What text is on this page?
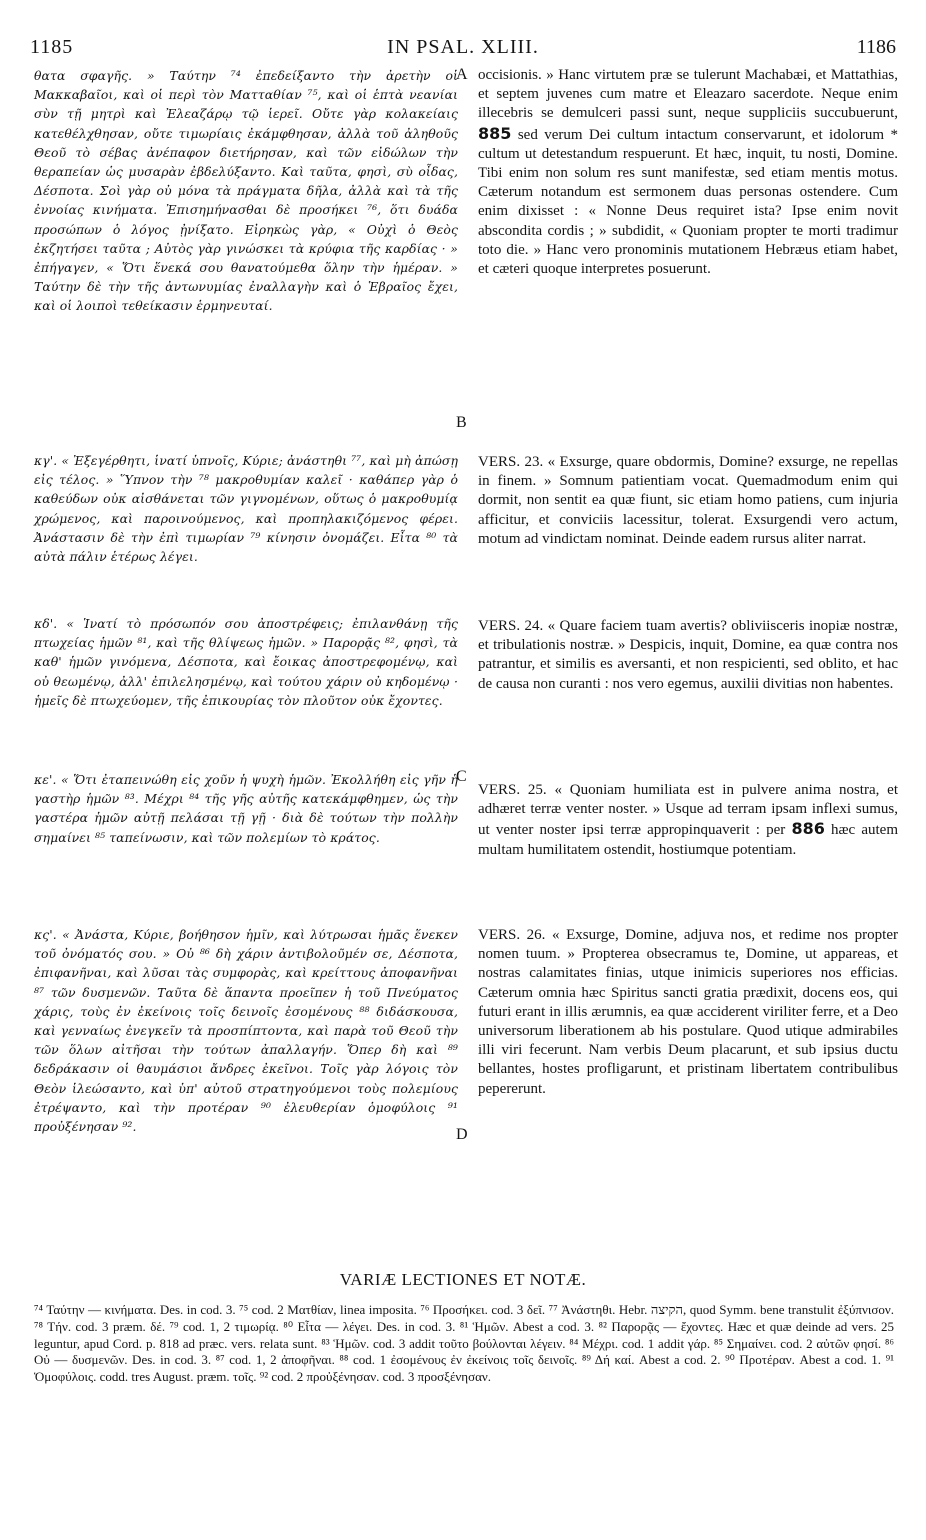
IN PSAL. XLIII.
1185	1186

θατα σφαγῆς. » Ταύτην ⁷⁴ ἐπεδείξαντο τὴν ἀρετὴν οἱ Μακκαβαῖοι, καὶ οἱ περὶ τὸν Ματταθίαν ⁷⁵, καὶ οἱ ἑπτὰ νεανίαι σὺν τῇ μητρὶ καὶ Ἐλεαζάρῳ τῷ ἱερεῖ. Οὔτε γὰρ κολακείαις κατεθέλχθησαν, οὔτε τιμωρίαις ἐκάμφθησαν, ἀλλὰ τοῦ ἀληθοῦς Θεοῦ τὸ σέβας ἀνέπαφον διετήρησαν, καὶ τῶν εἰδώλων τὴν θεραπείαν ὡς μυσαρὰν ἐβδελύξαντο. Καὶ ταῦτα, φησὶ, σὺ οἶδας, Δέσποτα. Σοὶ γὰρ οὐ μόνα τὰ πράγματα δῆλα, ἀλλὰ καὶ τὰ τῆς ἐννοίας κινήματα. Ἐπισημήνασθαι δὲ προσήκει ⁷⁶, ὅτι δυάδα προσώπων ὁ λόγος ᾐνίξατο. Εἰρηκὼς γὰρ, « Οὐχὶ ὁ Θεὸς ἐκζητήσει ταῦτα ; Αὐτὸς γὰρ γινώσκει τὰ κρύφια τῆς καρδίας · » ἐπήγαγεν, « Ὅτι ἕνεκά σου θανατούμεθα ὅλην τὴν ἡμέραν. » Ταύτην δὲ τὴν τῆς ἀντωνυμίας ἐναλλαγὴν καὶ ὁ Ἑβραῖος ἔχει, καὶ οἱ λοιποὶ τεθείκασιν ἑρμηνευταί.

κγ'. « Ἐξεγέρθητι, ἱνατί ὑπνοῖς, Κύριε; ἀνάστηθι ⁷⁷, καὶ μὴ ἀπώσῃ εἰς τέλος. » Ὕπνον τὴν ⁷⁸ μακροθυμίαν καλεῖ · καθάπερ γὰρ ὁ καθεύδων οὐκ αἰσθάνεται τῶν γιγνομένων, οὕτως ὁ μακροθυμίᾳ χρώμενος, καὶ παροινούμενος, καὶ προπηλακιζόμενος φέρει. Ἀνάστασιν δὲ τὴν ἐπὶ τιμωρίαν ⁷⁹ κίνησιν ὀνομάζει. Εἶτα ⁸⁰ τὰ αὐτὰ πάλιν ἑτέρως λέγει.

κδ'. « Ἱνατί τὸ πρόσωπόν σου ἀποστρέφεις; ἐπιλανθάνῃ τῆς πτωχείας ἡμῶν ⁸¹, καὶ τῆς θλίψεως ἡμῶν. » Παρορᾷς ⁸², φησὶ, τὰ καθ' ἡμῶν γινόμενα, Δέσποτα, καὶ ἔοικας ἀποστρεφομένῳ, καὶ οὐ θεωμένῳ, ἀλλ' ἐπιλελησμένῳ, καὶ τούτου χάριν οὐ κηδομένῳ · ἡμεῖς δὲ πτωχεύομεν, τῆς ἐπικουρίας τὸν πλοῦτον οὐκ ἔχοντες.

κε'. « Ὅτι ἐταπεινώθη εἰς χοῦν ἡ ψυχὴ ἡμῶν. Ἐκολλήθη εἰς γῆν ἡ γαστὴρ ἡμῶν ⁸³. Μέχρι ⁸⁴ τῆς γῆς αὐτῆς κατεκάμφθημεν, ὡς τὴν γαστέρα ἡμῶν αὐτῇ πελάσαι τῇ γῇ · διὰ δὲ τούτων τὴν πολλὴν σημαίνει ⁸⁵ ταπείνωσιν, καὶ τῶν πολεμίων τὸ κράτος.

κς'. « Ἀνάστα, Κύριε, βοήθησον ἡμῖν, καὶ λύτρωσαι ἡμᾶς ἕνεκεν τοῦ ὀνόματός σου. » Οὐ ⁸⁶ δὴ χάριν ἀντιβολοῦμέν σε, Δέσποτα, ἐπιφανῆναι, καὶ λῦσαι τὰς συμφορὰς, καὶ κρείττους ἀποφανῆναι ⁸⁷ τῶν δυσμενῶν. Ταῦτα δὲ ἅπαντα προεῖπεν ἡ τοῦ Πνεύματος χάρις, τοὺς ἐν ἐκείνοις τοῖς δεινοῖς ἐσομένους ⁸⁸ διδάσκουσα, καὶ γενναίως ἐνεγκεῖν τὰ προσπίπτοντα, καὶ παρὰ τοῦ Θεοῦ τὴν τῶν ὅλων αἰτῆσαι τὴν τούτων ἀπαλλαγήν. Ὅπερ δὴ καὶ ⁸⁹ δεδράκασιν οἱ θαυμάσιοι ἄνδρες ἐκεῖνοι. Τοῖς γὰρ λόγοις τὸν Θεὸν ἱλεώσαντο, καὶ ὑπ' αὐτοῦ στρατηγούμενοι τοὺς πολεμίους ἐτρέψαντο, καὶ τὴν προτέραν ⁹⁰ ἐλευθερίαν ὁμοφύλοις ⁹¹ προὐξένησαν ⁹².

A
B
C
D

occisionis. » Hanc virtutem præ se tulerunt Machabæi, et Mattathias, et septem juvenes cum matre et Eleazaro sacerdote. Neque enim illecebris se demulceri passi sunt, neque suppliciis succubuerunt, 885 sed verum Dei cultum intactum conservarunt, et idolorum * cultum ut detestandum respuerunt. Et hæc, inquit, tu nosti, Domine. Tibi enim non solum res sunt manifestæ, sed etiam mentis motus. Cæterum notandum est sermonem duas personas ostendere. Cum enim dixisset : « Nonne Deus requiret ista? Ipse enim novit abscondita cordis ; » subdidit, « Quoniam propter te morti tradimur toto die. » Hanc vero pronominis mutationem Hebræus etiam habet, et cæteri quoque interpretes posuerunt.

VERS. 23. « Exsurge, quare obdormis, Domine? exsurge, ne repellas in finem. » Somnum patientiam vocat. Quemadmodum enim qui dormit, non sentit ea quæ fiunt, sic etiam homo patiens, cum injuria afficitur, et conviciis lacessitur, tolerat. Exsurgendi vero actum, motum ad vindictam nominat. Deinde eadem rursus aliter narrat.

VERS. 24. « Quare faciem tuam avertis? obliviisceris inopiæ nostræ, et tribulationis nostræ. » Despicis, inquit, Domine, ea quæ contra nos patrantur, et similis es aversanti, et non respicienti, sed oblito, et hac de causa non curanti : nos vero egemus, auxilii divitias non habentes.

VERS. 25. « Quoniam humiliata est in pulvere anima nostra, et adhæret terræ venter noster. » Usque ad terram ipsam inflexi sumus, ut venter noster ipsi terræ appropinquaverit : per 886 hæc autem multam humilitatem ostendit, hostiumque potentiam.

VERS. 26. « Exsurge, Domine, adjuva nos, et redime nos propter nomen tuum. » Propterea obsecramus te, Domine, ut appareas, et nostras calamitates finias, utque inimicis superiores nos efficias. Cæterum omnia hæc Spiritus sancti gratia prædixit, docens eos, qui futuri erant in illis ærumnis, ea quæ acciderent viriliter ferre, et a Deo universorum liberationem ab his postulare. Quod utique admirabiles illi viri fecerunt. Nam verbis Deum placarunt, et sub ipsius ductu bellantes, hostes profligarunt, et pristinam libertatem contribulibus pepererunt.

VARIÆ LECTIONES ET NOTÆ.

⁷⁴ Ταύτην — κινήματα. Des. in cod. 3. ⁷⁵ cod. 2 Ματθίαν, linea imposita. ⁷⁶ Προσήκει. cod. 3 δεῖ. ⁷⁷ Ἀνάστηθι. Hebr. הקיצה, quod Symm. bene transtulit ἐξύπνισον. ⁷⁸ Τήν. cod. 3 præm. δέ. ⁷⁹ cod. 1, 2 τιμωρίᾳ. ⁸⁰ Εἶτα — λέγει. Des. in cod. 3. ⁸¹ Ἡμῶν. Abest a cod. 3. ⁸² Παρορᾷς — ἔχοντες. Hæc et quæ deinde ad vers. 25 leguntur, apud Cord. p. 818 ad præc. vers. relata sunt. ⁸³ Ἡμῶν. cod. 3 addit τοῦτο βούλονται λέγειν. ⁸⁴ Μέχρι. cod. 1 addit γάρ. ⁸⁵ Σημαίνει. cod. 2 αὐτῶν φησί. ⁸⁶ Οὐ — δυσμενῶν. Des. in cod. 3. ⁸⁷ cod. 1, 2 ἀποφῆναι. ⁸⁸ cod. 1 ἐσομένους ἐν ἐκείνοις τοῖς δεινοῖς. ⁸⁹ Δή καί. Abest a cod. 2. ⁹⁰ Προτέραν. Abest a cod. 1. ⁹¹ Ὁμοφύλοις. codd. tres August. præm. τοῖς. ⁹² cod. 2 προὐξένησαν. cod. 3 προσξένησαν.
